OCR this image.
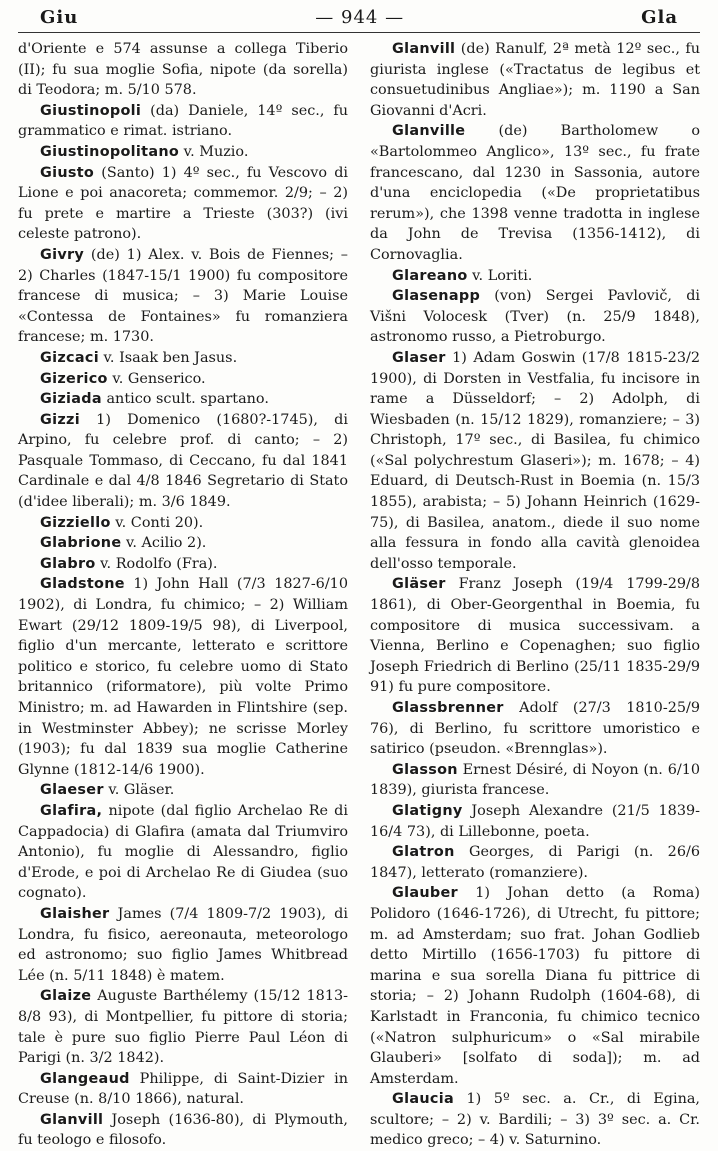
Giu	— 944 —	Gla

d'Oriente e 574 assunse a collega Tiberio (II); fu sua moglie Sofia, nipote (da sorella) di Teodora; m. 5/10 578.

Giustinopoli (da) Daniele, 14º sec., fu grammatico e rimat. istriano.

Giustinopolitano v. Muzio.

Giusto (Santo) 1) 4º sec., fu Vescovo di Lione e poi anacoreta; commemor. 2/9; – 2) fu prete e martire a Trieste (303?) (ivi celeste patrono).

Givry (de) 1) Alex. v. Bois de Fiennes; – 2) Charles (1847-15/1 1900) fu compositore francese di musica; – 3) Marie Louise «Contessa de Fontaines» fu romanziera francese; m. 1730.

Gizcaci v. Isaak ben Jasus.

Gizerico v. Genserico.

Giziada antico scult. spartano.

Gizzi 1) Domenico (1680?-1745), di Arpino, fu celebre prof. di canto; – 2) Pasquale Tommaso, di Ceccano, fu dal 1841 Cardinale e dal 4/8 1846 Segretario di Stato (d'idee liberali); m. 3/6 1849.

Gizziello v. Conti 20).

Glabrione v. Acilio 2).

Glabro v. Rodolfo (Fra).

Gladstone 1) John Hall (7/3 1827-6/10 1902), di Londra, fu chimico; – 2) William Ewart (29/12 1809-19/5 98), di Liverpool, figlio d'un mercante, letterato e scrittore politico e storico, fu celebre uomo di Stato britannico (riformatore), più volte Primo Ministro; m. ad Hawarden in Flintshire (sep. in Westminster Abbey); ne scrisse Morley (1903); fu dal 1839 sua moglie Catherine Glynne (1812-14/6 1900).

Glaeser v. Gläser.

Glafira, nipote (dal figlio Archelao Re di Cappadocia) di Glafira (amata dal Triumviro Antonio), fu moglie di Alessandro, figlio d'Erode, e poi di Archelao Re di Giudea (suo cognato).

Glaisher James (7/4 1809-7/2 1903), di Londra, fu fisico, aereonauta, meteorologo ed astronomo; suo figlio James Whitbread Lée (n. 5/11 1848) è matem.

Glaize Auguste Barthélemy (15/12 1813-8/8 93), di Montpellier, fu pittore di storia; tale è pure suo figlio Pierre Paul Léon di Parigi (n. 3/2 1842).

Glangeaud Philippe, di Saint-Dizier in Creuse (n. 8/10 1866), natural.

Glanvill Joseph (1636-80), di Plymouth, fu teologo e filosofo.

Glanvill (de) Ranulf, 2ª metà 12º sec., fu giurista inglese («Tractatus de legibus et consuetudinibus Angliae»); m. 1190 a San Giovanni d'Acri.

Glanville (de) Bartholomew o «Bartolommeo Anglico», 13º sec., fu frate francescano, dal 1230 in Sassonia, autore d'una enciclopedia («De proprietatibus rerum»), che 1398 venne tradotta in inglese da John de Trevisa (1356-1412), di Cornovaglia.

Glareano v. Loriti.

Glasenapp (von) Sergei Pavlovič, di Višni Volocesk (Tver) (n. 25/9 1848), astronomo russo, a Pietroburgo.

Glaser 1) Adam Goswin (17/8 1815-23/2 1900), di Dorsten in Vestfalia, fu incisore in rame a Düsseldorf; – 2) Adolph, di Wiesbaden (n. 15/12 1829), romanziere; – 3) Christoph, 17º sec., di Basilea, fu chimico («Sal polychrestum Glaseri»); m. 1678; – 4) Eduard, di Deutsch-Rust in Boemia (n. 15/3 1855), arabista; – 5) Johann Heinrich (1629-75), di Basilea, anatom., diede il suo nome alla fessura in fondo alla cavità glenoidea dell'osso temporale.

Gläser Franz Joseph (19/4 1799-29/8 1861), di Ober-Georgenthal in Boemia, fu compositore di musica successivam. a Vienna, Berlino e Copenaghen; suo figlio Joseph Friedrich di Berlino (25/11 1835-29/9 91) fu pure compositore.

Glassbrenner Adolf (27/3 1810-25/9 76), di Berlino, fu scrittore umoristico e satirico (pseudon. «Brennglas»).

Glasson Ernest Désiré, di Noyon (n. 6/10 1839), giurista francese.

Glatigny Joseph Alexandre (21/5 1839-16/4 73), di Lillebonne, poeta.

Glatron Georges, di Parigi (n. 26/6 1847), letterato (romanziere).

Glauber 1) Johan detto (a Roma) Polidoro (1646-1726), di Utrecht, fu pittore; m. ad Amsterdam; suo frat. Johan Godlieb detto Mirtillo (1656-1703) fu pittore di marina e sua sorella Diana fu pittrice di storia; – 2) Johann Rudolph (1604-68), di Karlstadt in Franconia, fu chimico tecnico («Natron sulphuricum» o «Sal mirabile Glauberi» [solfato di soda]); m. ad Amsterdam.

Glaucia 1) 5º sec. a. Cr., di Egina, scultore; – 2) v. Bardili; – 3) 3º sec. a. Cr. medico greco; – 4) v. Saturnino.
